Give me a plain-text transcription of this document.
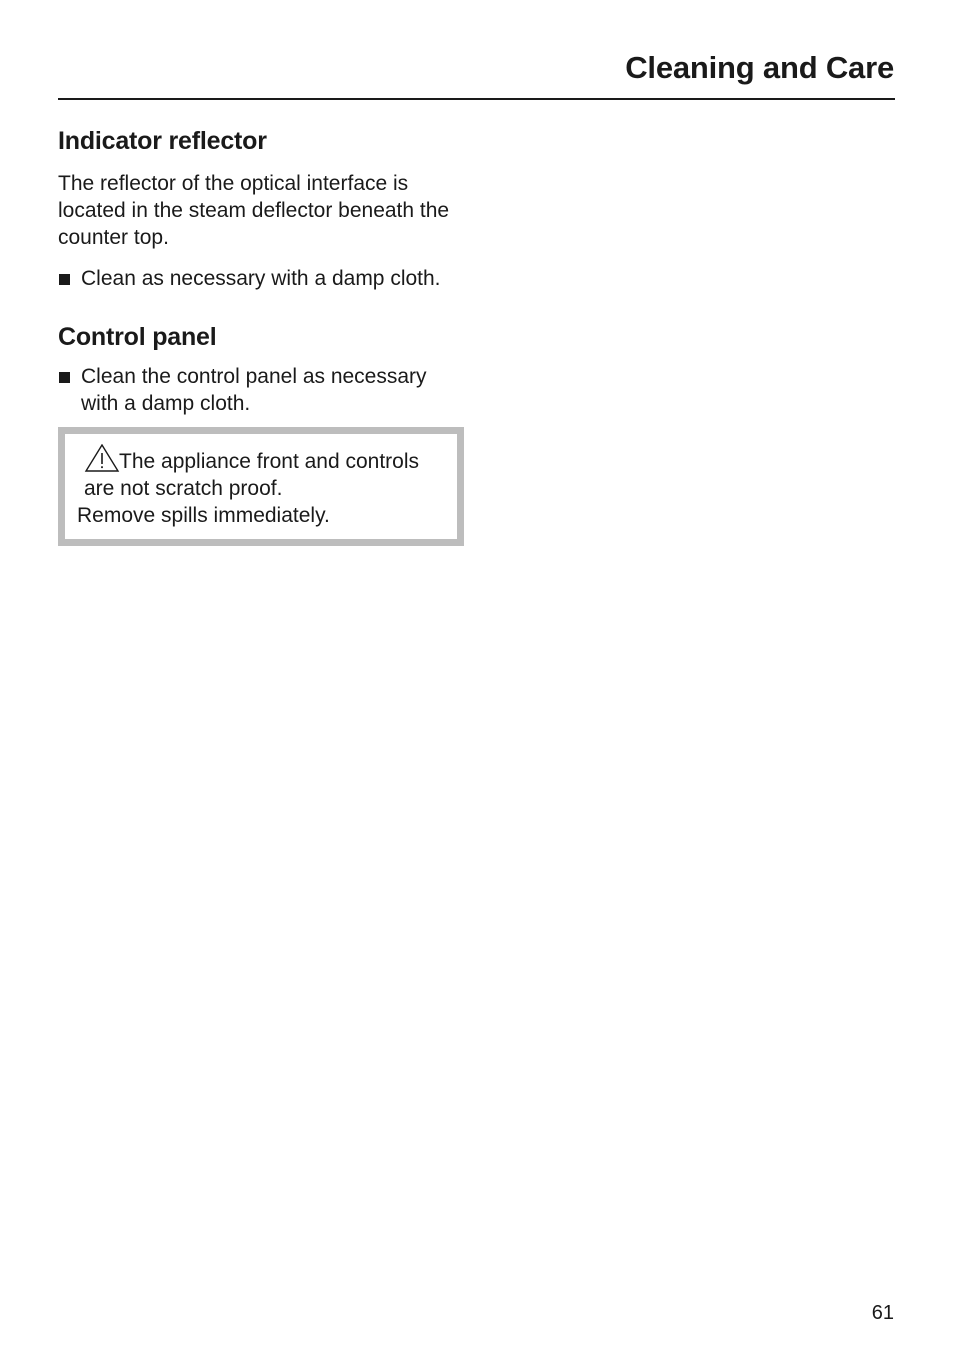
Cleaning and Care
Indicator reflector

The reflector of the optical interface is located in the steam deflector beneath the counter top.

Clean as necessary with a damp cloth.
Control panel
Clean the control panel as necessary with a damp cloth.
The appliance front and controls
are not scratch proof.
Remove spills immediately.
61
